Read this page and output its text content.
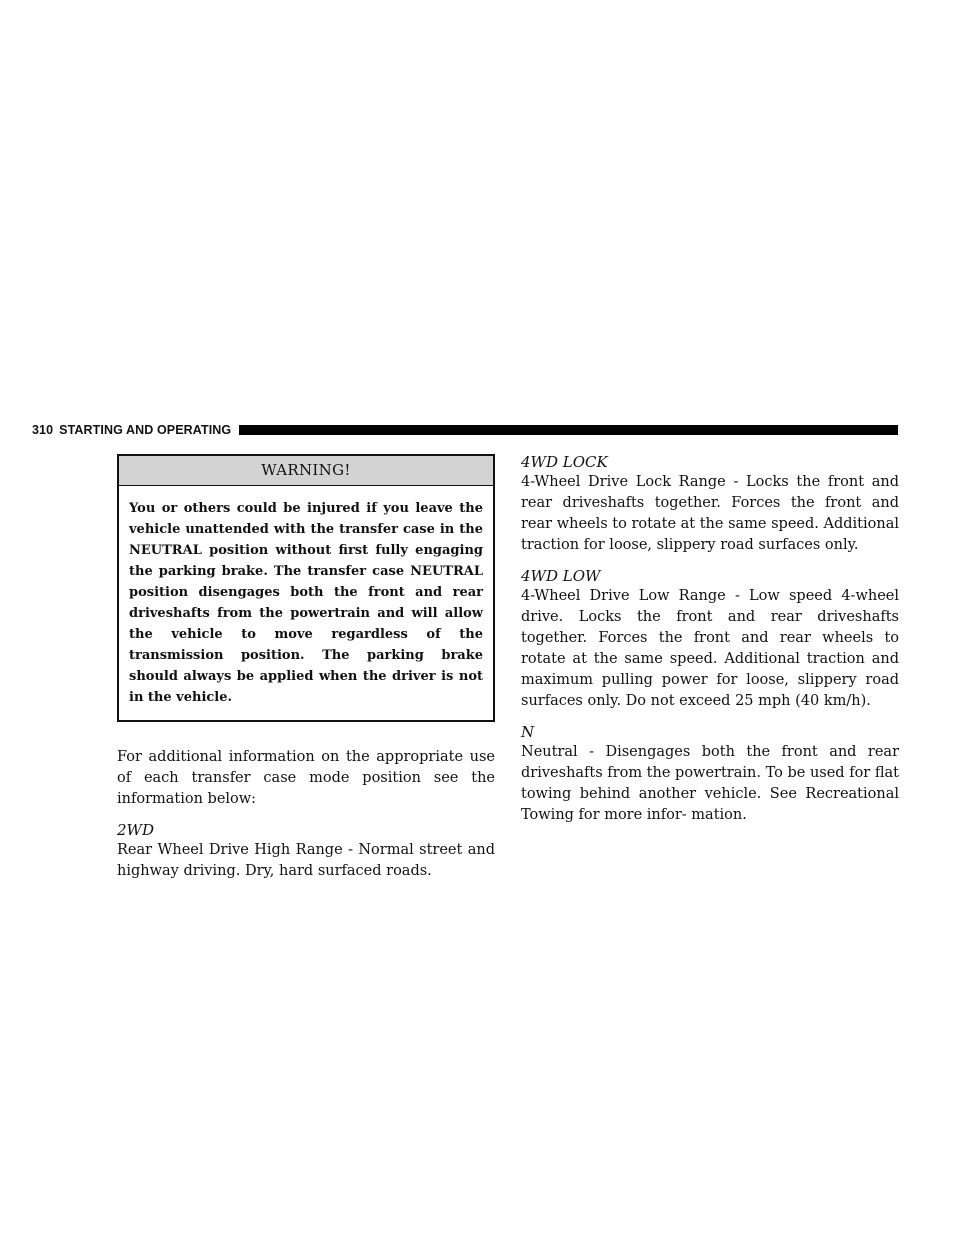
310 STARTING AND OPERATING
WARNING!
You or others could be injured if you leave the vehicle unattended with the transfer case in the NEUTRAL position without first fully engaging the parking brake. The transfer case NEUTRAL position disengages both the front and rear driveshafts from the powertrain and will allow the vehicle to move regardless of the transmission position. The parking brake should always be applied when the driver is not in the vehicle.

For additional information on the appropriate use of each transfer case mode position see the information below:

2WD

Rear Wheel Drive High Range - Normal street and highway driving. Dry, hard surfaced roads.

4WD LOCK

4-Wheel Drive Lock Range - Locks the front and rear driveshafts together. Forces the front and rear wheels to rotate at the same speed. Additional traction for loose, slippery road surfaces only.

4WD LOW

4-Wheel Drive Low Range - Low speed 4-wheel drive. Locks the front and rear driveshafts together. Forces the front and rear wheels to rotate at the same speed. Additional traction and maximum pulling power for loose, slippery road surfaces only. Do not exceed 25 mph (40 km/h).

N

Neutral - Disengages both the front and rear driveshafts from the powertrain. To be used for flat towing behind another vehicle. See Recreational Towing for more infor- mation.
